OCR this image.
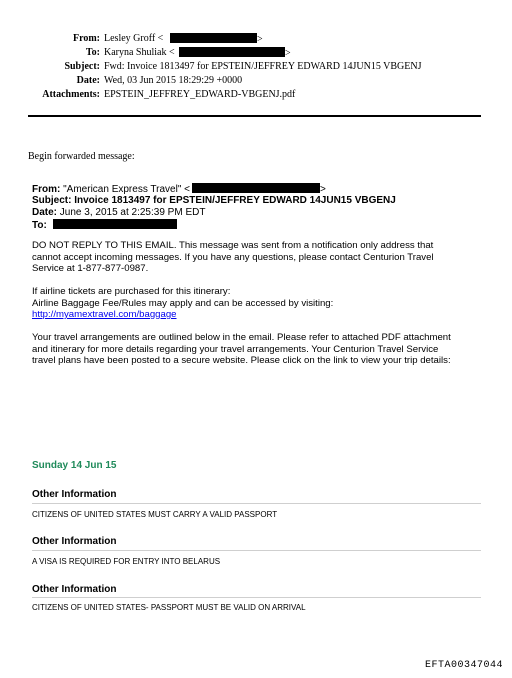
From: Lesley Groff <	>
To: Karyna Shuliak <	>
Subject: Fwd: Invoice 1813497 for EPSTEIN/JEFFREY EDWARD 14JUN15 VBGENJ
Date: Wed, 03 Jun 2015 18:29:29 +0000
Attachments: EPSTEIN_JEFFREY_EDWARD-VBGENJ.pdf
Begin forwarded message:
From: "American Express Travel" <	>
Subject: Invoice 1813497 for EPSTEIN/JEFFREY EDWARD 14JUN15 VBGENJ
Date: June 3, 2015 at 2:25:39 PM EDT
To:
DO NOT REPLY TO THIS EMAIL. This message was sent from a notification only address that
cannot accept incoming messages. If you have any questions, please contact Centurion Travel
Service at 1-877-877-0987.
If airline tickets are purchased for this itinerary:
Airline Baggage Fee/Rules may apply and can be accessed by visiting:
http://myamextravel.com/baggage
Your travel arrangements are outlined below in the email. Please refer to attached PDF attachment
and itinerary for more details regarding your travel arrangements. Your Centurion Travel Service
travel plans have been posted to a secure website. Please click on the link to view your trip details:
Sunday 14 Jun 15
Other Information
CITIZENS OF UNITED STATES MUST CARRY A VALID PASSPORT
Other Information
A VISA IS REQUIRED FOR ENTRY INTO BELARUS
Other Information
CITIZENS OF UNITED STATES- PASSPORT MUST BE VALID ON ARRIVAL
EFTA00347044
